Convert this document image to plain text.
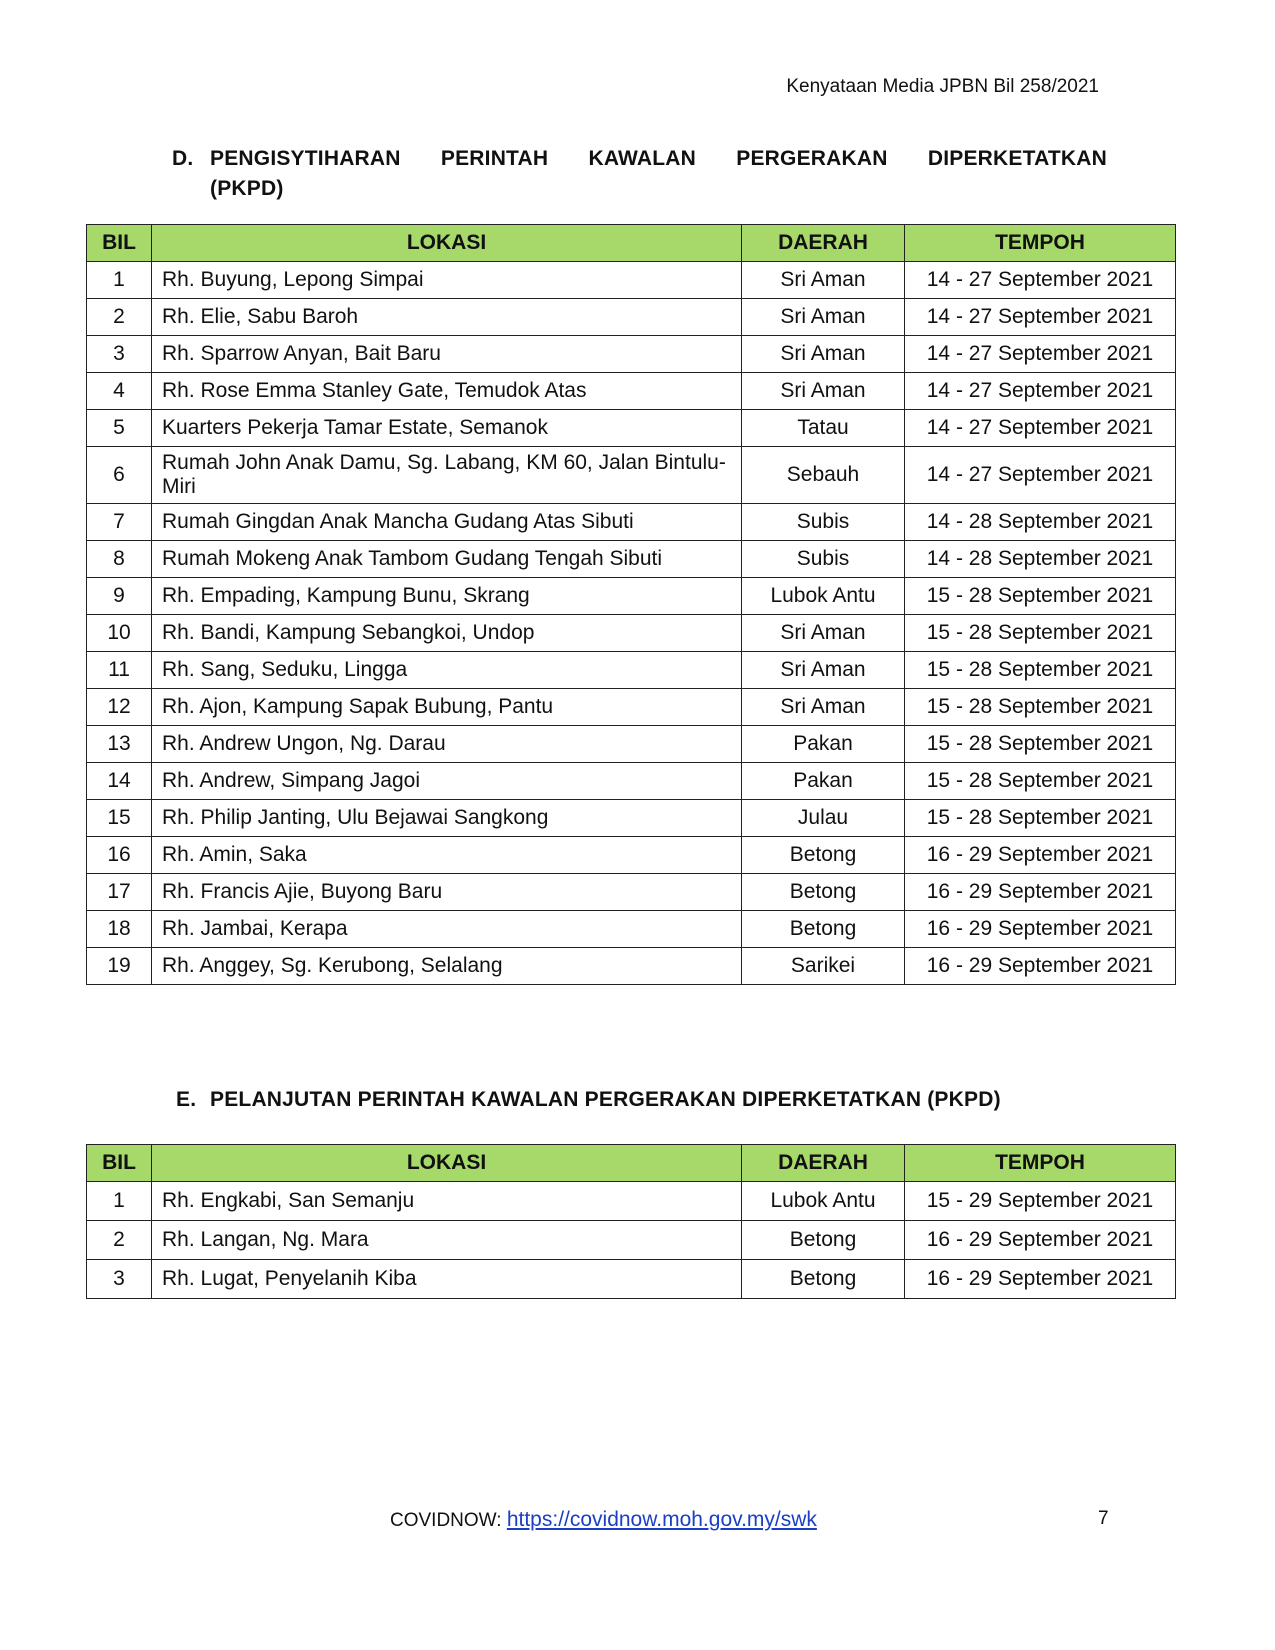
Kenyataan Media JPBN Bil 258/2021
D. PENGISYTIHARAN PERINTAH KAWALAN PERGERAKAN DIPERKETATKAN
(PKPD)
BIL	LOKASI	DAERAH	TEMPOH
1	Rh. Buyung, Lepong Simpai	Sri Aman	14 - 27 September 2021
2	Rh. Elie, Sabu Baroh	Sri Aman	14 - 27 September 2021
3	Rh. Sparrow Anyan, Bait Baru	Sri Aman	14 - 27 September 2021
4	Rh. Rose Emma Stanley Gate, Temudok Atas	Sri Aman	14 - 27 September 2021
5	Kuarters Pekerja Tamar Estate, Semanok	Tatau	14 - 27 September 2021
6	Rumah John Anak Damu, Sg. Labang, KM 60, Jalan Bintulu-Miri	Sebauh	14 - 27 September 2021
7	Rumah Gingdan Anak Mancha Gudang Atas Sibuti	Subis	14 - 28 September 2021
8	Rumah Mokeng Anak Tambom Gudang Tengah Sibuti	Subis	14 - 28 September 2021
9	Rh. Empading, Kampung Bunu, Skrang	Lubok Antu	15 - 28 September 2021
10	Rh. Bandi, Kampung Sebangkoi, Undop	Sri Aman	15 - 28 September 2021
11	Rh. Sang, Seduku, Lingga	Sri Aman	15 - 28 September 2021
12	Rh. Ajon, Kampung Sapak Bubung, Pantu	Sri Aman	15 - 28 September 2021
13	Rh. Andrew Ungon, Ng. Darau	Pakan	15 - 28 September 2021
14	Rh. Andrew, Simpang Jagoi	Pakan	15 - 28 September 2021
15	Rh. Philip Janting, Ulu Bejawai Sangkong	Julau	15 - 28 September 2021
16	Rh. Amin, Saka	Betong	16 - 29 September 2021
17	Rh. Francis Ajie, Buyong Baru	Betong	16 - 29 September 2021
18	Rh. Jambai, Kerapa	Betong	16 - 29 September 2021
19	Rh. Anggey, Sg. Kerubong, Selalang	Sarikei	16 - 29 September 2021
E. PELANJUTAN PERINTAH KAWALAN PERGERAKAN DIPERKETATKAN (PKPD)
BIL	LOKASI	DAERAH	TEMPOH
1	Rh. Engkabi, San Semanju	Lubok Antu	15 - 29 September 2021
2	Rh. Langan, Ng. Mara	Betong	16 - 29 September 2021
3	Rh. Lugat, Penyelanih Kiba	Betong	16 - 29 September 2021
COVIDNOW: https://covidnow.moh.gov.my/swk	7
